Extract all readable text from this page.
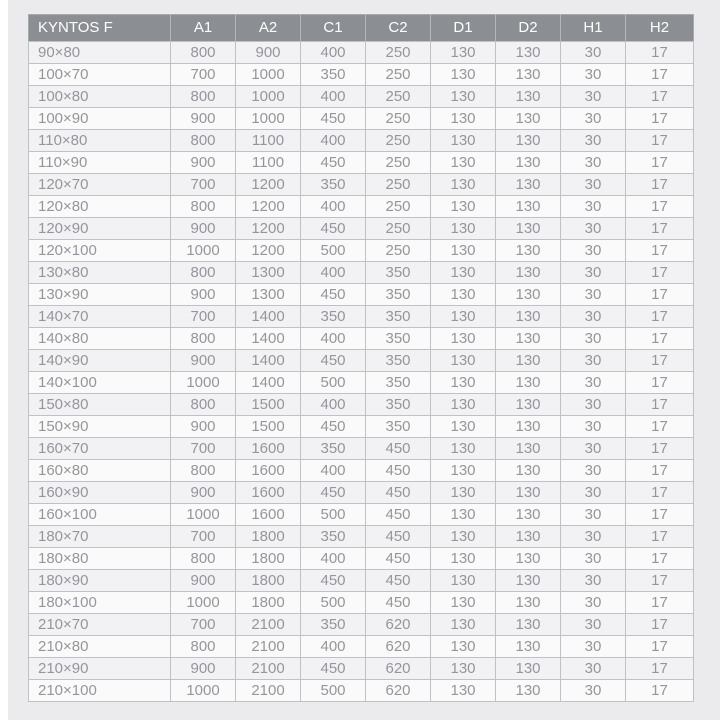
KYNTOS F	A1	A2	C1	C2	D1	D2	H1	H2
90×80	800	900	400	250	130	130	30	17
100×70	700	1000	350	250	130	130	30	17
100×80	800	1000	400	250	130	130	30	17
100×90	900	1000	450	250	130	130	30	17
110×80	800	1100	400	250	130	130	30	17
110×90	900	1100	450	250	130	130	30	17
120×70	700	1200	350	250	130	130	30	17
120×80	800	1200	400	250	130	130	30	17
120×90	900	1200	450	250	130	130	30	17
120×100	1000	1200	500	250	130	130	30	17
130×80	800	1300	400	350	130	130	30	17
130×90	900	1300	450	350	130	130	30	17
140×70	700	1400	350	350	130	130	30	17
140×80	800	1400	400	350	130	130	30	17
140×90	900	1400	450	350	130	130	30	17
140×100	1000	1400	500	350	130	130	30	17
150×80	800	1500	400	350	130	130	30	17
150×90	900	1500	450	350	130	130	30	17
160×70	700	1600	350	450	130	130	30	17
160×80	800	1600	400	450	130	130	30	17
160×90	900	1600	450	450	130	130	30	17
160×100	1000	1600	500	450	130	130	30	17
180×70	700	1800	350	450	130	130	30	17
180×80	800	1800	400	450	130	130	30	17
180×90	900	1800	450	450	130	130	30	17
180×100	1000	1800	500	450	130	130	30	17
210×70	700	2100	350	620	130	130	30	17
210×80	800	2100	400	620	130	130	30	17
210×90	900	2100	450	620	130	130	30	17
210×100	1000	2100	500	620	130	130	30	17
